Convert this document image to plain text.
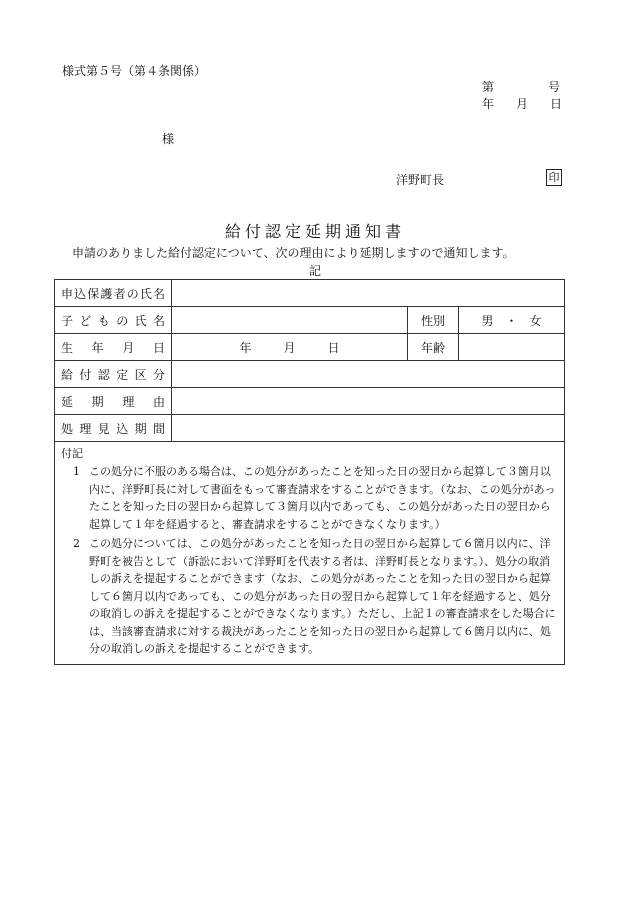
様式第５号（第４条関係）
第	号
年 月 日
様
洋野町長	印
給付認定延期通知書
申請のありました給付認定について、次の理由により延期しますので通知します。
記
申込保護者の氏名			

子 ど も の 氏 名		性別	男　・　女

生　年　月　日	年 月 日	年齢	

給 付 認 定 区 分			

延　期　理　由			

処 理 見 込 期 間			

付記

1 この処分に不服のある場合は、この処分があったことを知った日の翌日から起算して３箇月以内に、洋野町長に対して書面をもって審査請求をすることができます。（なお、この処分があったことを知った日の翌日から起算して３箇月以内であっても、この処分があった日の翌日から起算して１年を経過すると、審査請求をすることができなくなります。）

2 この処分については、この処分があったことを知った日の翌日から起算して６箇月以内に、洋野町を被告として（訴訟において洋野町を代表する者は、洋野町長となります。）、処分の取消しの訴えを提起することができます（なお、この処分があったことを知った日の翌日から起算して６箇月以内であっても、この処分があった日の翌日から起算して１年を経過すると、処分の取消しの訴えを提起することができなくなります。）ただし、上記１の審査請求をした場合には、当該審査請求に対する裁決があったことを知った日の翌日から起算して６箇月以内に、処分の取消しの訴えを提起することができます。			
